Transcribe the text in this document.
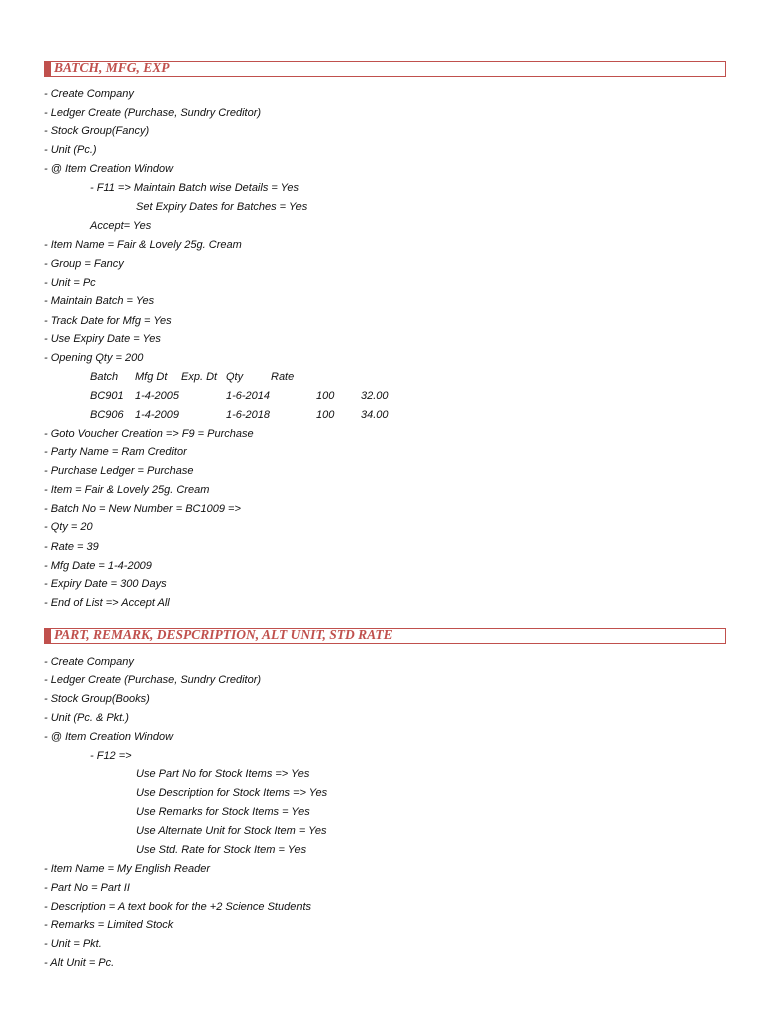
BATCH, MFG, EXP
- Create Company
- Ledger Create (Purchase, Sundry Creditor)
- Stock Group(Fancy)
- Unit (Pc.)
- @ Item Creation Window
- F11 => Maintain Batch wise Details = Yes
Set Expiry Dates for Batches = Yes
Accept= Yes
- Item Name = Fair & Lovely 25g. Cream
- Group = Fancy
- Unit = Pc
- Maintain Batch = Yes
- Track Date for Mfg = Yes
- Use Expiry Date = Yes
- Opening Qty = 200
Batch Mfg Dt Exp. Dt Qty	Rate
BC901 1-4-2005	1-6-2014	100 32.00
BC906 1-4-2009	1-6-2018	100 34.00
- Goto Voucher Creation => F9 = Purchase
- Party Name = Ram Creditor
- Purchase Ledger = Purchase
- Item = Fair & Lovely 25g. Cream
- Batch No = New Number = BC1009 =>
- Qty = 20
- Rate = 39
- Mfg Date = 1-4-2009
- Expiry Date = 300 Days
- End of List => Accept All
PART, REMARK, DESPCRIPTION, ALT UNIT, STD RATE
- Create Company
- Ledger Create (Purchase, Sundry Creditor)
- Stock Group(Books)
- Unit (Pc. & Pkt.)
- @ Item Creation Window
- F12 =>
Use Part No for Stock Items => Yes
Use Description for Stock Items => Yes
Use Remarks for Stock Items = Yes
Use Alternate Unit for Stock Item = Yes
Use Std. Rate for Stock Item = Yes
- Item Name = My English Reader
- Part No = Part II
- Description = A text book for the +2 Science Students
- Remarks = Limited Stock
- Unit = Pkt.
- Alt Unit = Pc.
